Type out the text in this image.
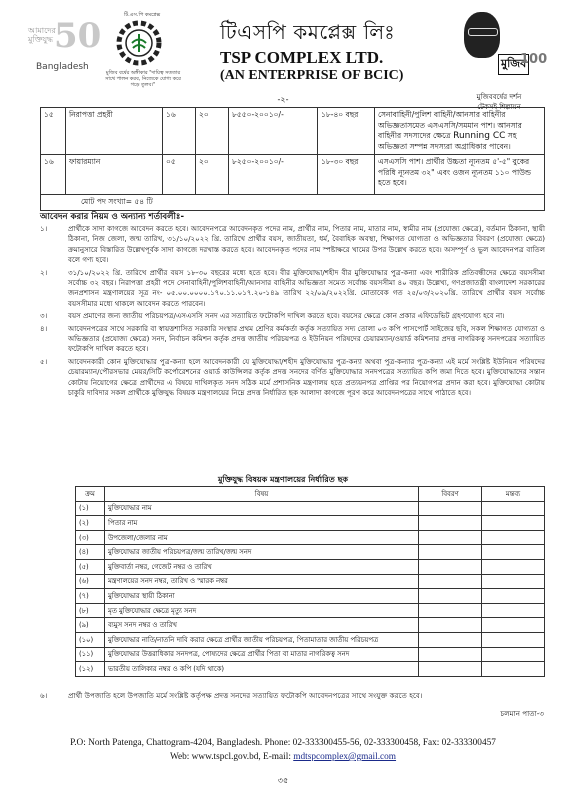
আমাদের মুক্তিযুদ্ধ 50
Bangladesh
টি.এস.পি কমপ্লেক্স
মুজিব বর্ষের অঙ্গীকার "দায়িত্ব সততার সাথে পালন করব, নিজেকে যোগ্য করে গড়ে তুলব।"
টিএসপি কমপ্লেক্স লিঃ
TSP COMPLEX LTD.
(AN ENTERPRISE OF BCIC)
মুজিব
100
মুজিববর্ষের দর্শন
টেকসই শিল্পায়ন
-২-
১৫	নিরাপত্তা প্রহরী	১৬	২০	৮৫৫০-২০০১০/-	১৮-৪০ বছর	সেনাবাহিনী/পুলিশ বাহিনী/আনসার বাহিনীর অভিজ্ঞতাসমেত এসএসসি/সমমান পাশ। আনসার বাহিনীর সদস্যদের ক্ষেত্রে Running CC সহ অভিজ্ঞতা সম্পন্ন সদস্যরা অগ্রাধিকার পাবেন।
১৬	ফায়ারম্যান	০৫	২০	৮২৫০-২০০১০/-	১৮-৩০ বছর	এসএসসি পাশ। প্রার্থীর উচ্চতা ন্যূনতম ৫'-৫" বুকের পরিধি ন্যূনতম ৩২" এবং ওজন ন্যূনতম ১১০ পাউন্ড হতে হবে।
মোট পদ সংখ্যা= ৫৪ টি						
আবেদন করার নিয়ম ও অন্যান্য শর্তাবলীঃ-
১।	প্রার্থীকে সাদা কাগজে আবেদন করতে হবে। আবেদনপত্রে আবেদনকৃত পদের নাম, প্রার্থীর নাম, পিতার নাম, মাতার নাম, স্বামীর নাম (প্রযোজ্য ক্ষেত্রে), বর্তমান ঠিকানা, স্থায়ী ঠিকানা, নিজ জেলা, জন্ম তারিখ, ৩১/১০/২০২২ খ্রি. তারিখে প্রার্থীর বয়স, জাতীয়তা, ধর্ম, বৈবাহিক অবস্থা, শিক্ষাগত যোগ্যতা ও অভিজ্ঞতার বিবরণ (প্রযোজ্য ক্ষেত্রে) ক্রমানুসারে বিস্তারিত উল্লেখপূর্বক সাদা কাগজে দরখাস্ত করতে হবে। আবেদনকৃত পদের নাম স্পষ্টাক্ষরে খামের উপর উল্লেখ করতে হবে। অসম্পূর্ণ ও ভুল আবেদনপত্র বাতিল বলে গণ্য হবে।
২।	৩১/১০/২০২২ খ্রি. তারিখে প্রার্থীর বয়স ১৮-৩০ বছরের মধ্যে হতে হবে। বীর মুক্তিযোদ্ধা/শহীদ বীর মুক্তিযোদ্ধার পুত্র-কন্যা এবং শারীরিক প্রতিবন্ধীদের ক্ষেত্রে বয়সসীমা সর্বোচ্চ ৩২ বছর। নিরাপত্তা প্রহরী পদে সেনাবাহিনী/পুলিশবাহিনী/আনসার বাহিনীর অভিজ্ঞতা সমেত সর্বোচ্চ বয়সসীমা ৪০ বছর। উল্লেখ্য, গণপ্রজাতন্ত্রী বাংলাদেশ সরকারের জনপ্রশাসন মন্ত্রণালয়ের সূত্র নং- ০৫.০০.০০০০.১৭০.১১.০১৭.২০-১৪৯ তারিখ ২২/০৯/২০২২খ্রি. মোতাবেক গত ২৫/০৩/২০২০খ্রি. তারিখে প্রার্থীর বয়স সর্বোচ্চ বয়সসীমার মধ্যে থাকলে আবেদন করতে পারবেন।
৩।	বয়স প্রমাণের জন্য জাতীয় পরিচয়পত্র/এসএসসি সনদ এর সত্যায়িত ফটোকপি দাখিল করতে হবে। বয়সের ক্ষেত্রে কোন প্রকার এফিডেভিট গ্রহণযোগ্য হবে না।
৪।	আবেদনপত্রের সাথে সরকারি বা স্বায়ত্তশাসিত সরকারি সংস্থার প্রথম শ্রেণির কর্মকর্তা কর্তৃক সত্যায়িত সদ্য তোলা ০৩ কপি পাসপোর্ট সাইজের ছবি, সকল শিক্ষাগত যোগ্যতা ও অভিজ্ঞতার (প্রযোজ্য ক্ষেত্রে) সনদ, নির্বাচন কমিশন কর্তৃক প্রদত্ত জাতীয় পরিচয়পত্র ও ইউনিয়ন পরিষদের চেয়ারম্যান/ওয়ার্ড কমিশনার প্রদত্ত নাগরিকত্ব সনদপত্রের সত্যায়িত ফটোকপি দাখিল করতে হবে।
৫।	আবেদনকারী কোন মুক্তিযোদ্ধার পুত্র-কন্যা হলে আবেদনকারী যে মুক্তিযোদ্ধা/শহীদ মুক্তিযোদ্ধার পুত্র-কন্যা অথবা পুত্র-কন্যার পুত্র-কন্যা এই মর্মে সংশ্লিষ্ট ইউনিয়ন পরিষদের চেয়ারম্যান/পৌরসভার মেয়র/সিটি কর্পোরেশনের ওয়ার্ড কাউন্সিলর কর্তৃক প্রদত্ত সনদের বর্ণিত মুক্তিযোদ্ধার সনদপত্রের সত্যায়িত কপি জমা দিতে হবে। মুক্তিযোদ্ধাদের সন্তান কোটায় নিয়োগের ক্ষেত্রে প্রার্থীদের এ বিষয়ে দাখিলকৃত সনদ সঠিক মর্মে প্রশাসনিক মন্ত্রণালয় হতে প্রত্যয়নপত্র প্রাপ্তির পর নিয়োগপত্র প্রদান করা হবে। মুক্তিযোদ্ধা কোটায় চাকুরি দাবিদার সকল প্রার্থীকে মুক্তিযুদ্ধ বিষয়ক মন্ত্রণালয়ের নিম্নে প্রদত্ত নির্ধারিত ছক আলাদা কাগজে পূরণ করে আবেদনপত্রের সাথে পাঠাতে হবে।
মুক্তিযুদ্ধ বিষয়ক মন্ত্রণালয়ের নির্ধারিত ছক
ক্রম	বিষয়	বিবরণ	মন্তব্য
(১)	মুক্তিযোদ্ধার নাম		
(২)	পিতার নাম		
(৩)	উপজেলা/জেলার নাম		
(৪)	মুক্তিযোদ্ধার জাতীয় পরিচয়পত্র/জন্ম তারিখ/জন্ম সনদ		
(৫)	মুক্তিবার্তা নম্বর, গেজেট নম্বর ও তারিখ		
(৬)	মন্ত্রণালয়ের সনদ নম্বর, তারিখ ও স্মারক নম্বর		
(৭)	মুক্তিযোদ্ধার স্থায়ী ঠিকানা		
(৮)	মৃত মুক্তিযোদ্ধার ক্ষেত্রে মৃত্যু সনদ		
(৯)	ব্যমুস সনদ নম্বর ও তারিখ		
(১০)	মুক্তিযোদ্ধার নাতি/নাতনি দাবি করার ক্ষেত্রে প্রার্থীর জাতীয় পরিচয়পত্র, পিতামাতার জাতীয় পরিচয়পত্র		
(১১)	মুক্তিযোদ্ধার উত্তরাধিকার সনদপত্র, পোষ্যদের ক্ষেত্রে প্রার্থীর পিতা বা মাতার নাগরিকত্ব সনদ		
(১২)	ভারতীয় তালিকার নম্বর ও কপি (যদি থাকে)		
৬।	প্রার্থী উপজাতি হলে উপজাতি মর্মে সংশ্লিষ্ট কর্তৃপক্ষ প্রদত্ত সনদের সত্যায়িত ফটোকপি আবেদনপত্রের সাথে সংযুক্ত করতে হবে।
চলমান পাতা-৩
P.O: North Patenga, Chattogram-4204, Bangladesh. Phone: 02-333300455-56, 02-333300458, Fax: 02-333300457
Web: www.tspcl.gov.bd, E-mail: mdtspcomplex@gmail.com
৩৫
